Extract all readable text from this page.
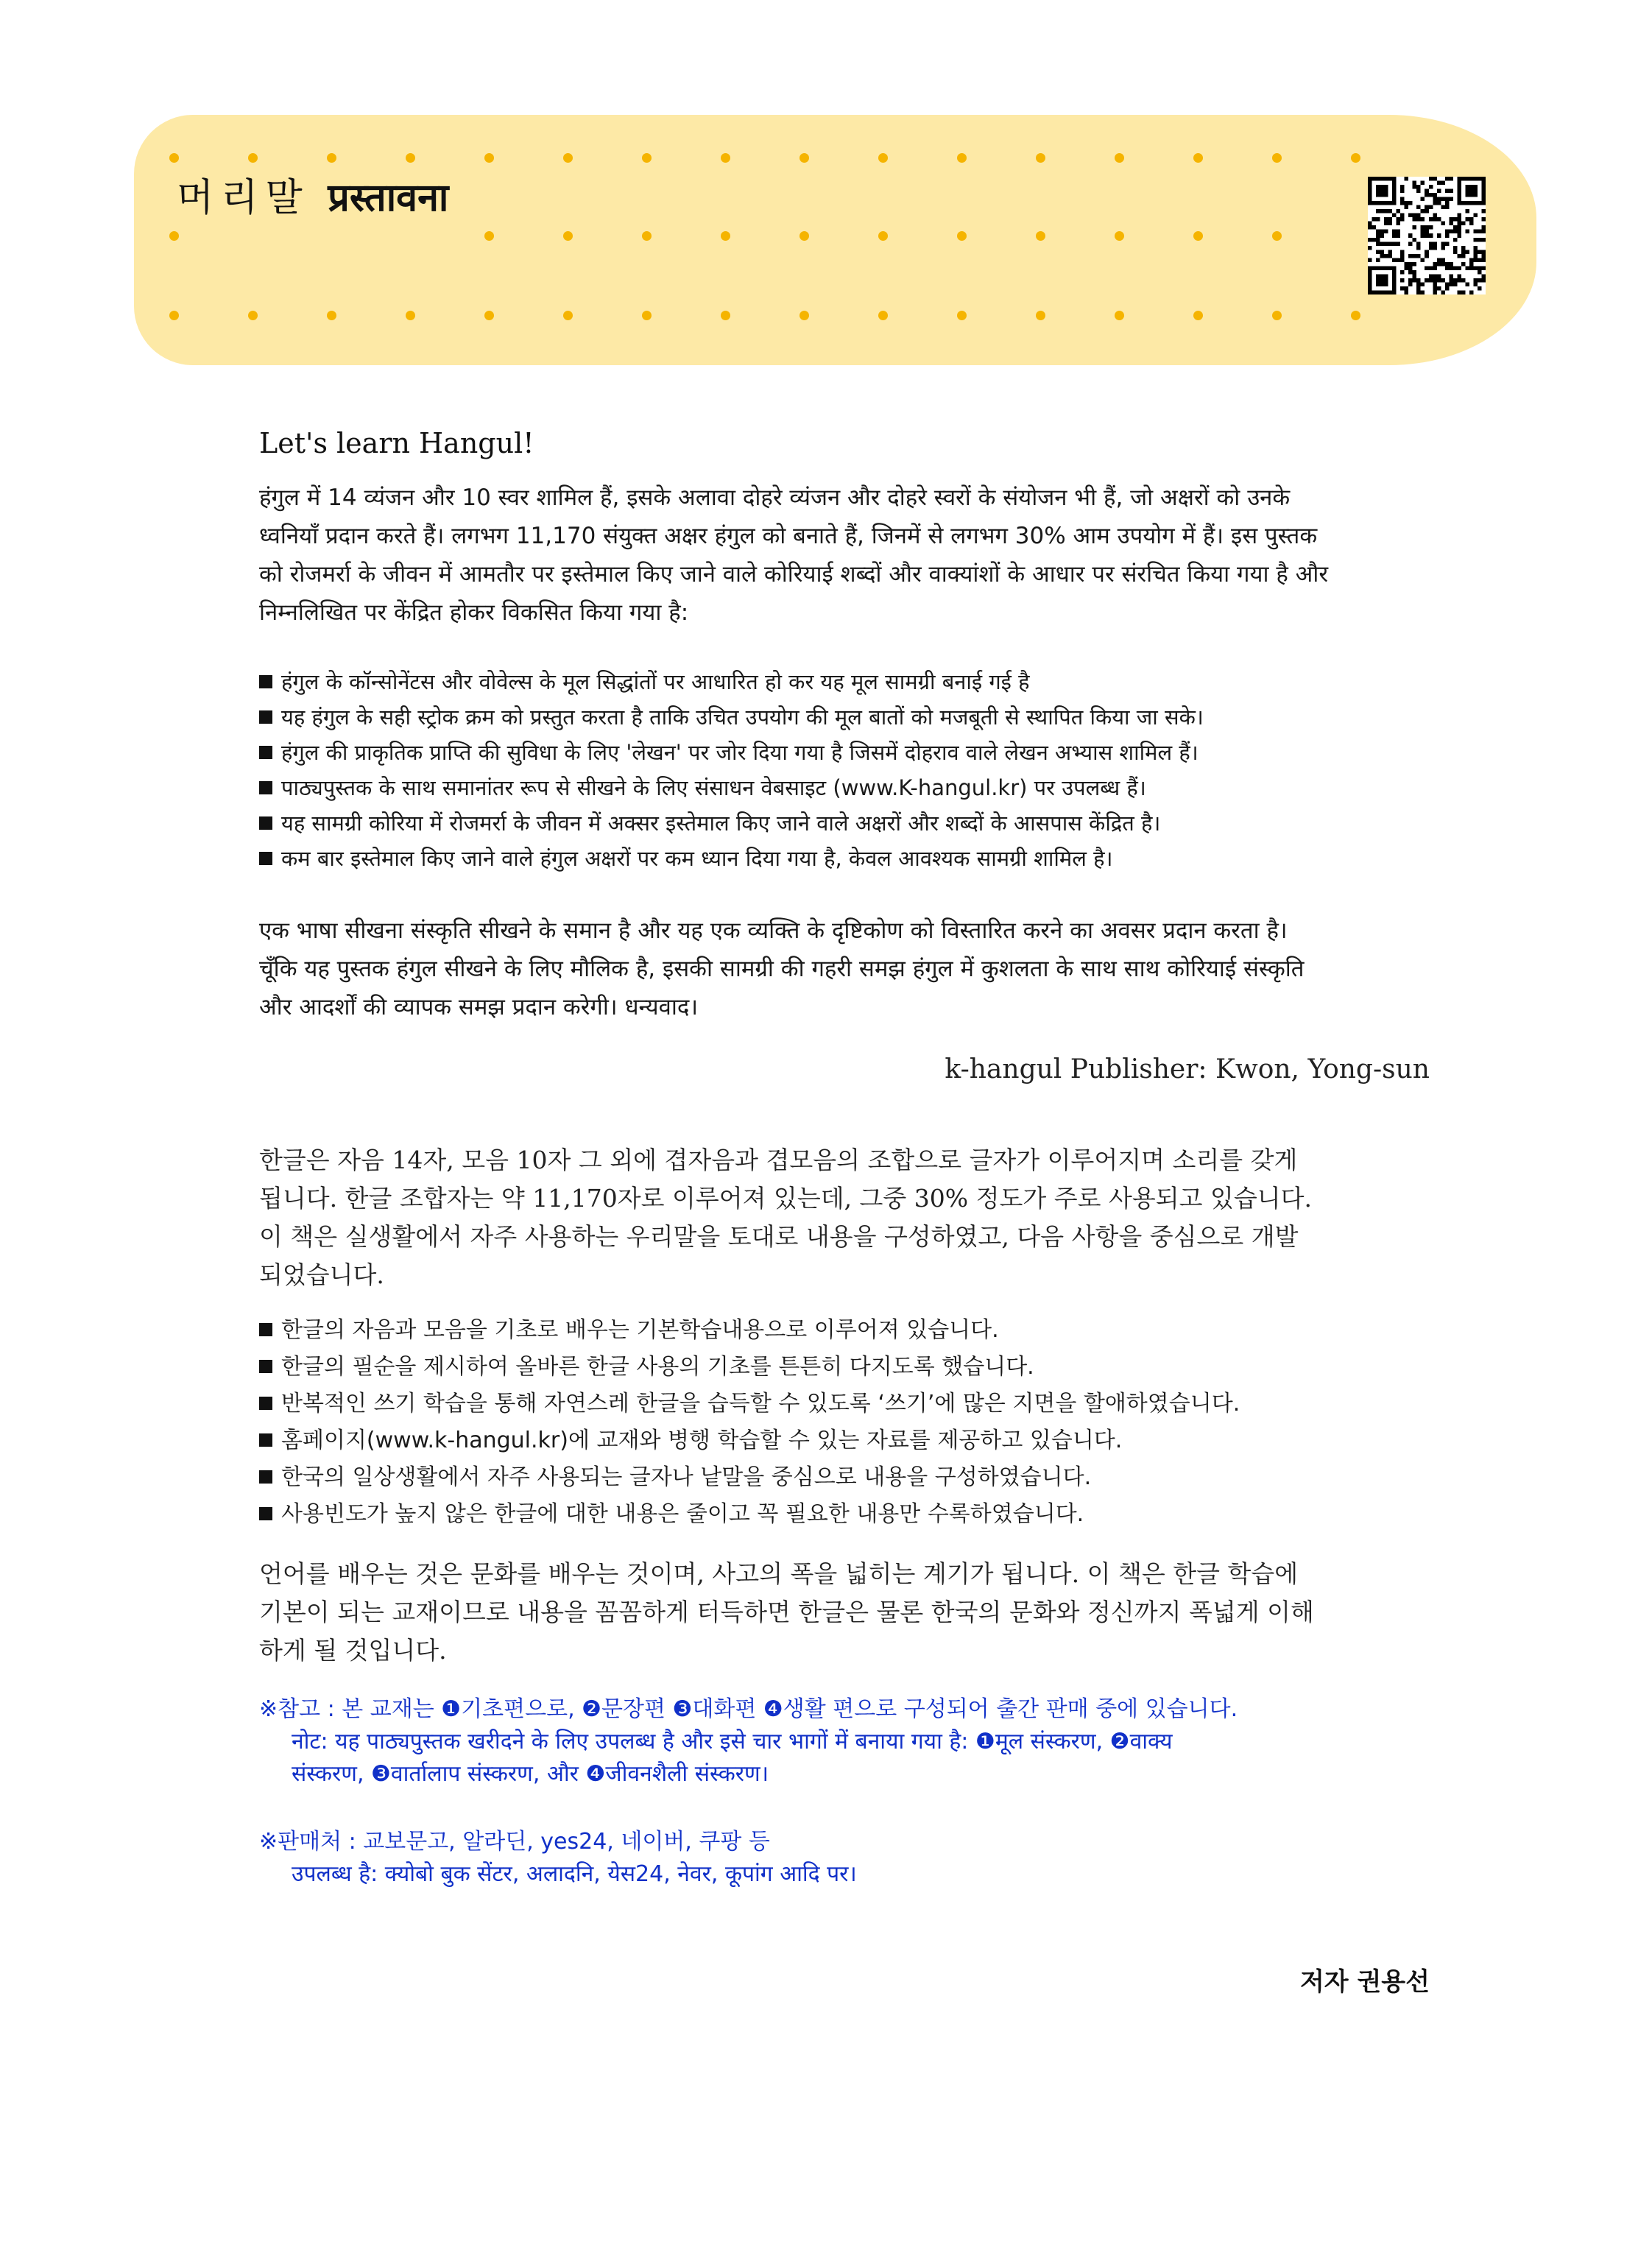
머리말 प्रस्तावना
Let's learn Hangul!

हंगुल में 14 व्यंजन और 10 स्वर शामिल हैं, इसके अलावा दोहरे व्यंजन और दोहरे स्वरों के संयोजन भी हैं, जो अक्षरों को उनके

ध्वनियाँ प्रदान करते हैं। लगभग 11,170 संयुक्त अक्षर हंगुल को बनाते हैं, जिनमें से लगभग 30% आम उपयोग में हैं। इस पुस्तक

को रोजमर्रा के जीवन में आमतौर पर इस्तेमाल किए जाने वाले कोरियाई शब्दों और वाक्यांशों के आधार पर संरचित किया गया है और

निम्नलिखित पर केंद्रित होकर विकसित किया गया है:

हंगुल के कॉन्सोनेंटस और वोवेल्स के मूल सिद्धांतों पर आधारित हो कर यह मूल सामग्री बनाई गई है
यह हंगुल के सही स्ट्रोक क्रम को प्रस्तुत करता है ताकि उचित उपयोग की मूल बातों को मजबूती से स्थापित किया जा सके।
हंगुल की प्राकृतिक प्राप्ति की सुविधा के लिए 'लेखन' पर जोर दिया गया है जिसमें दोहराव वाले लेखन अभ्यास शामिल हैं।
पाठ्यपुस्तक के साथ समानांतर रूप से सीखने के लिए संसाधन वेबसाइट (www.K-hangul.kr) पर उपलब्ध हैं।
यह सामग्री कोरिया में रोजमर्रा के जीवन में अक्सर इस्तेमाल किए जाने वाले अक्षरों और शब्दों के आसपास केंद्रित है।
कम बार इस्तेमाल किए जाने वाले हंगुल अक्षरों पर कम ध्यान दिया गया है, केवल आवश्यक सामग्री शामिल है।

एक भाषा सीखना संस्कृति सीखने के समान है और यह एक व्यक्ति के दृष्टिकोण को विस्तारित करने का अवसर प्रदान करता है।

चूँकि यह पुस्तक हंगुल सीखने के लिए मौलिक है, इसकी सामग्री की गहरी समझ हंगुल में कुशलता के साथ साथ कोरियाई संस्कृति

और आदर्शों की व्यापक समझ प्रदान करेगी। धन्यवाद।

k-hangul Publisher: Kwon, Yong-sun
한글은 자음 14자, 모음 10자 그 외에 겹자음과 겹모음의 조합으로 글자가 이루어지며 소리를 갖게
됩니다. 한글 조합자는 약 11,170자로 이루어져 있는데, 그중 30% 정도가 주로 사용되고 있습니다.
이 책은 실생활에서 자주 사용하는 우리말을 토대로 내용을 구성하였고, 다음 사항을 중심으로 개발
되었습니다.
한글의 자음과 모음을 기초로 배우는 기본학습내용으로 이루어져 있습니다.
한글의 필순을 제시하여 올바른 한글 사용의 기초를 튼튼히 다지도록 했습니다.
반복적인 쓰기 학습을 통해 자연스레 한글을 습득할 수 있도록 ‘쓰기’에 많은 지면을 할애하였습니다.
홈페이지(www.k-hangul.kr)에 교재와 병행 학습할 수 있는 자료를 제공하고 있습니다.
한국의 일상생활에서 자주 사용되는 글자나 낱말을 중심으로 내용을 구성하였습니다.
사용빈도가 높지 않은 한글에 대한 내용은 줄이고 꼭 필요한 내용만 수록하였습니다.
언어를 배우는 것은 문화를 배우는 것이며, 사고의 폭을 넓히는 계기가 됩니다. 이 책은 한글 학습에
기본이 되는 교재이므로 내용을 꼼꼼하게 터득하면 한글은 물론 한국의 문화와 정신까지 폭넓게 이해
하게 될 것입니다.
※참고 : 본 교재는 ❶기초편으로, ❷문장편 ❸대화편 ❹생활 편으로 구성되어 출간 판매 중에 있습니다.
नोट: यह पाठ्यपुस्तक खरीदने के लिए उपलब्ध है और इसे चार भागों में बनाया गया है: ❶मूल संस्करण, ❷वाक्य
संस्करण, ❸वार्तालाप संस्करण, और ❹जीवनशैली संस्करण।
※판매처 : 교보문고, 알라딘, yes24, 네이버, 쿠팡 등
उपलब्ध है: क्योबो बुक सेंटर, अलादनि, येस24, नेवर, कूपांग आदि पर।
저자 권용선
